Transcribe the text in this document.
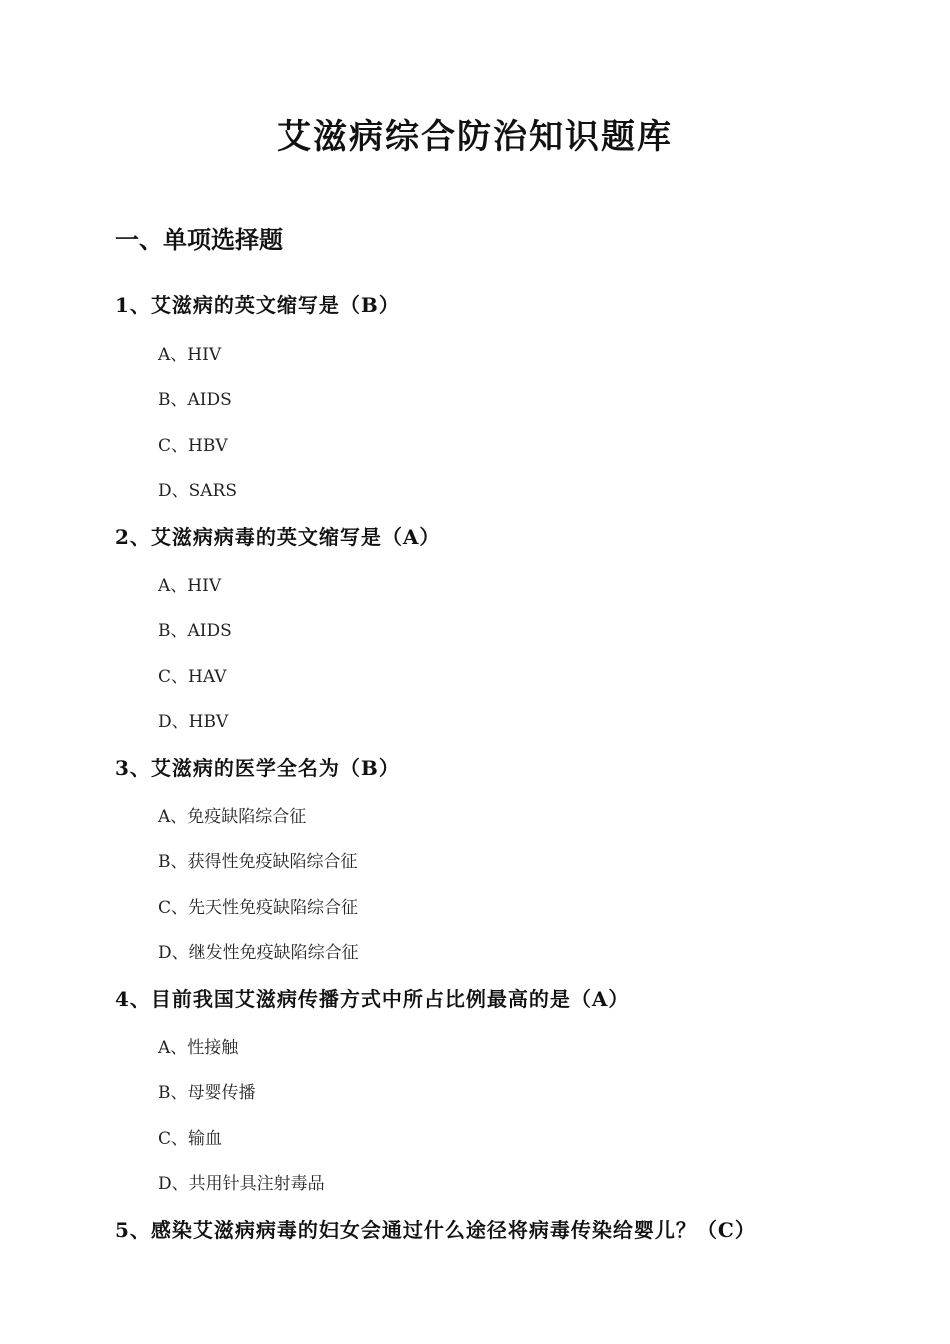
艾滋病综合防治知识题库
一、单项选择题
1、艾滋病的英文缩写是（B）
A、HIV
B、AIDS
C、HBV
D、SARS
2、艾滋病病毒的英文缩写是（A）
A、HIV
B、AIDS
C、HAV
D、HBV
3、艾滋病的医学全名为（B）
A、免疫缺陷综合征
B、获得性免疫缺陷综合征
C、先天性免疫缺陷综合征
D、继发性免疫缺陷综合征
4、目前我国艾滋病传播方式中所占比例最高的是（A）
A、性接触
B、母婴传播
C、输血
D、共用针具注射毒品
5、感染艾滋病病毒的妇女会通过什么途径将病毒传染给婴儿？（C）
